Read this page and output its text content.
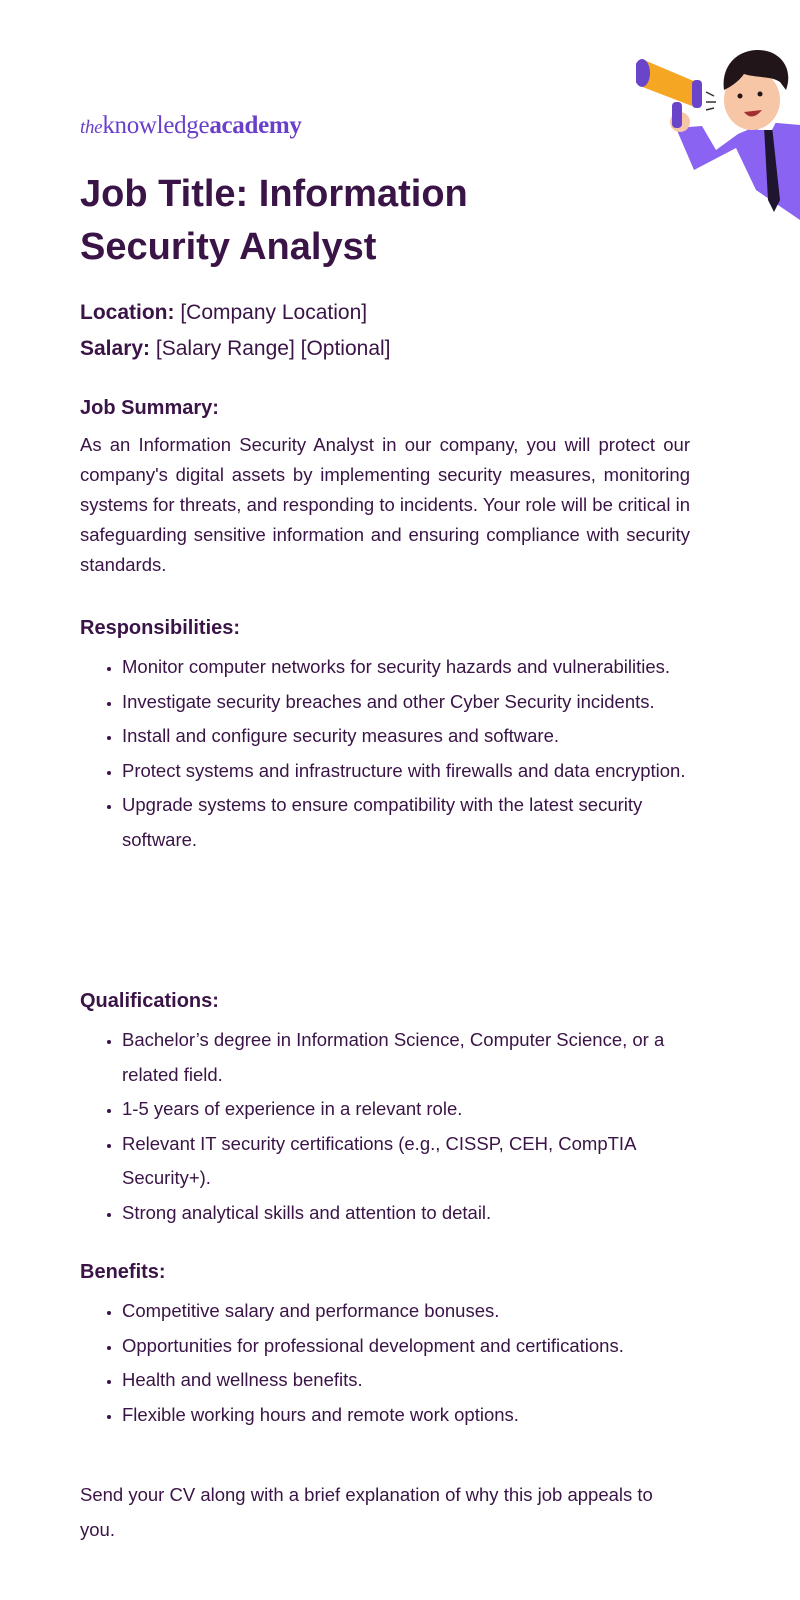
theknowledgeacademy
Job Title: Information Security Analyst
Location: [Company Location]
Salary: [Salary Range] [Optional]
Job Summary:

As an Information Security Analyst in our company, you will protect our company's digital assets by implementing security measures, monitoring systems for threats, and responding to incidents. Your role will be critical in safeguarding sensitive information and ensuring compliance with security standards.

Responsibilities:
• Monitor computer networks for security hazards and vulnerabilities.
• Investigate security breaches and other Cyber Security incidents.
• Install and configure security measures and software.
• Protect systems and infrastructure with firewalls and data encryption.
• Upgrade systems to ensure compatibility with the latest security software.
Qualifications:
• Bachelor’s degree in Information Science, Computer Science, or a related field.
• 1-5 years of experience in a relevant role.
• Relevant IT security certifications (e.g., CISSP, CEH, CompTIA Security+).
• Strong analytical skills and attention to detail.
Benefits:
• Competitive salary and performance bonuses.
• Opportunities for professional development and certifications.
• Health and wellness benefits.
• Flexible working hours and remote work options.

Send your CV along with a brief explanation of why this job appeals to you.
